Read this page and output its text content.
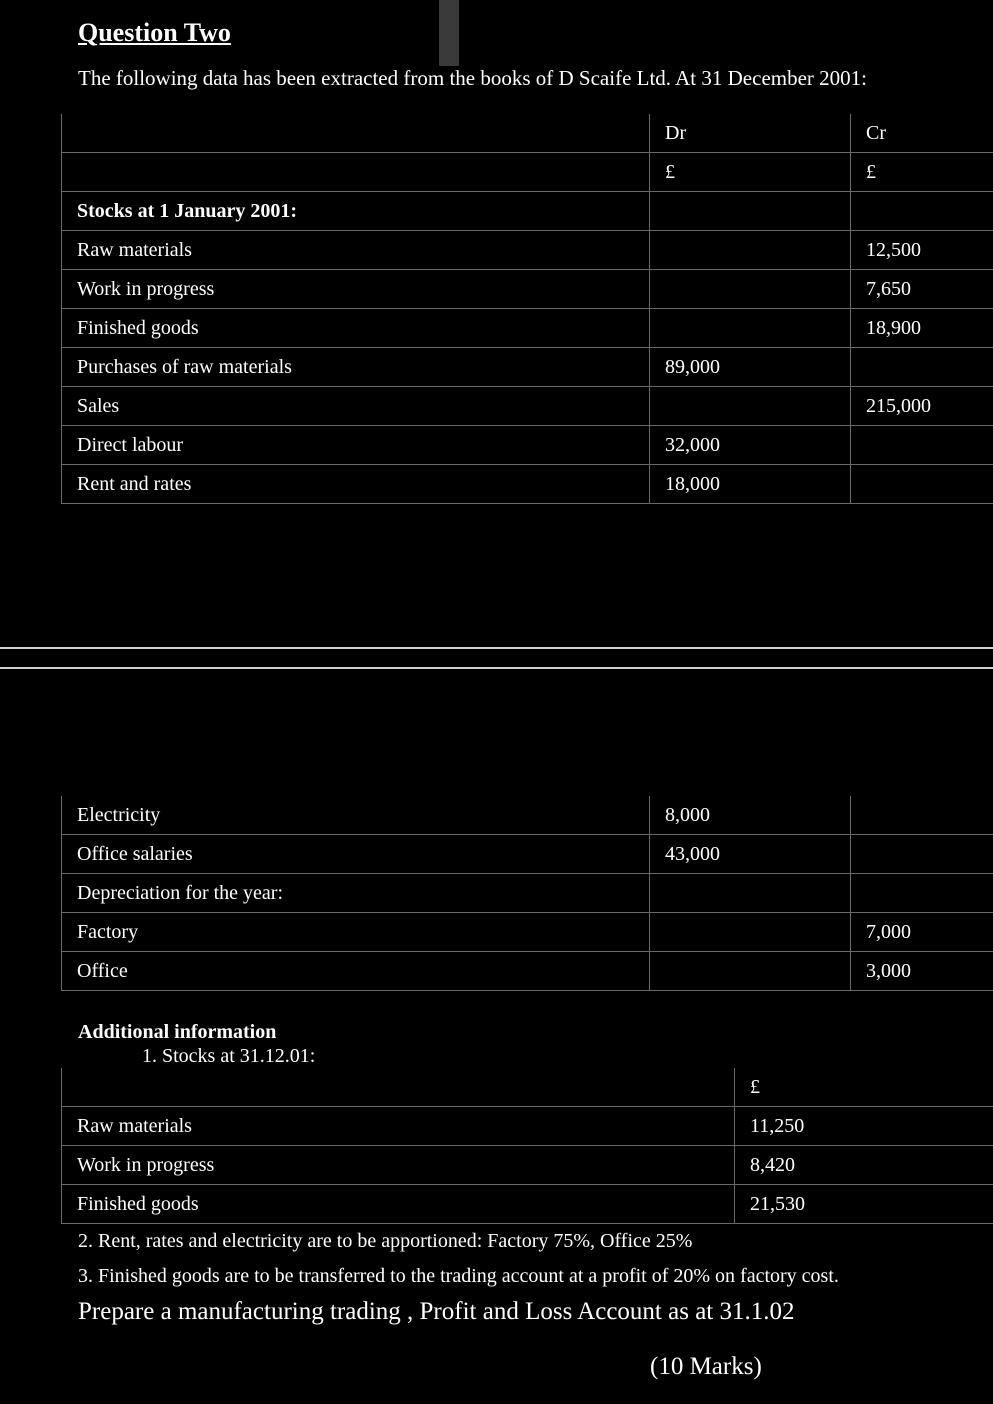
Question Two
The following data has been extracted from the books of D Scaife Ltd. At 31 December 2001:
	Dr	Cr
	£	£
Stocks at 1 January 2001:		
Raw materials		12,500
Work in progress		7,650
Finished goods		18,900
Purchases of raw materials	89,000	
Sales		215,000
Direct labour	32,000	
Rent and rates	18,000	
Electricity	8,000	
Office salaries	43,000	
Depreciation for the year:		
Factory		7,000
Office		3,000
Additional information
1. Stocks at 31.12.01:
	£
Raw materials	11,250
Work in progress	8,420
Finished goods	21,530
2. Rent, rates and electricity are to be apportioned: Factory 75%, Office 25%
3. Finished goods are to be transferred to the trading account at a profit of 20% on factory cost.
Prepare a manufacturing trading , Profit and Loss Account as at 31.1.02
(10 Marks)
